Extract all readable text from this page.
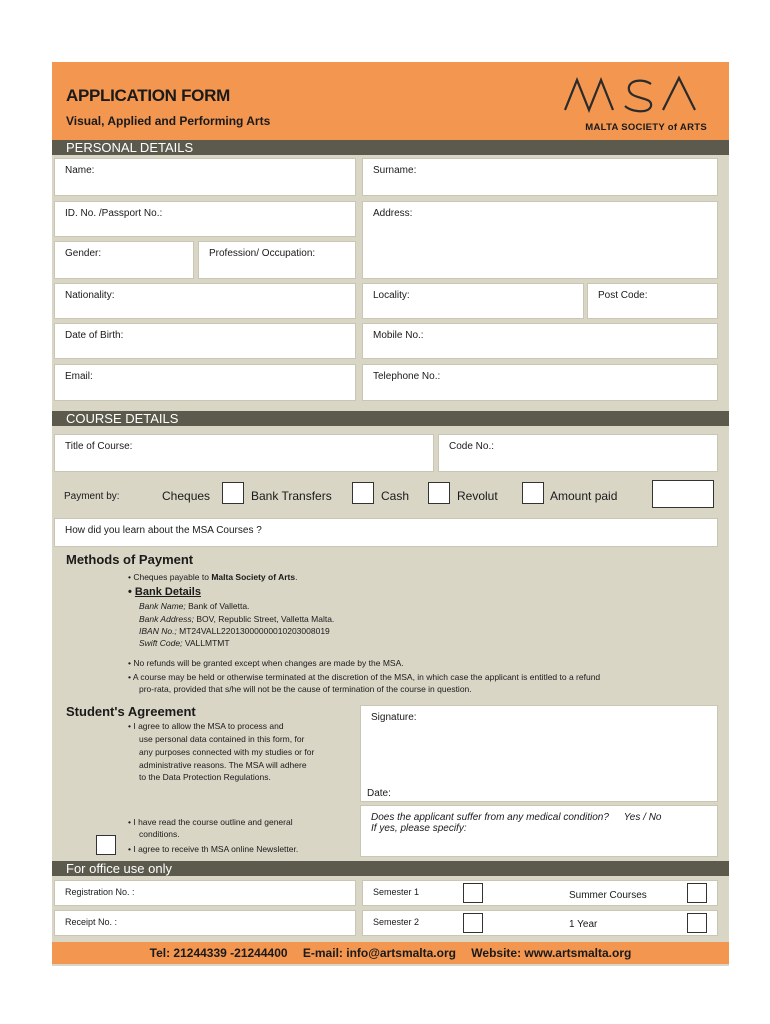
APPLICATION FORM
Visual, Applied and Performing Arts	MALTA SOCIETY of ARTS
PERSONAL DETAILS
Name:	Surname:
ID. No. /Passport No.:	Address:
Gender:	Profession/ Occupation:
Nationality:	Locality:	Post Code:
Date of Birth:	Mobile No.:
Email:	Telephone No.:
COURSE DETAILS
Title of Course:	Code No.:
Payment by:	Cheques	Bank Transfers	Cash	Revolut	Amount paid
How did you learn about the MSA Courses ?
Methods of Payment
• Cheques payable to Malta Society of Arts.
• Bank Details
Bank Name; Bank of Valletta.
Bank Address; BOV, Republic Street, Valletta Malta.
IBAN No.; MT24VALL22013000000010203008019
Swift Code; VALLMTMT
• No refunds will be granted except when changes are made by the MSA.
• A course may be held or otherwise terminated at the discretion of the MSA, in which case the applicant is entitled to a refund
pro-rata, provided that s/he will not be the cause of termination of the course in question.
Student's Agreement
• I agree to allow the MSA to process and
use personal data contained in this form, for
any purposes connected with my studies or for
administrative reasons. The MSA will adhere
to the Data Protection Regulations.
Signature:
Date:
• I have read the course outline and general
conditions.
• I agree to receive th MSA online Newsletter.
Does the applicant suffer from any medical condition? Yes / No
If yes, please specify:
For office use only
Registration No. :	Semester 1	Summer Courses
Receipt No. :	Semester 2	1 Year
Tel: 21244339 -21244400 E-mail: info@artsmalta.org Website: www.artsmalta.org
